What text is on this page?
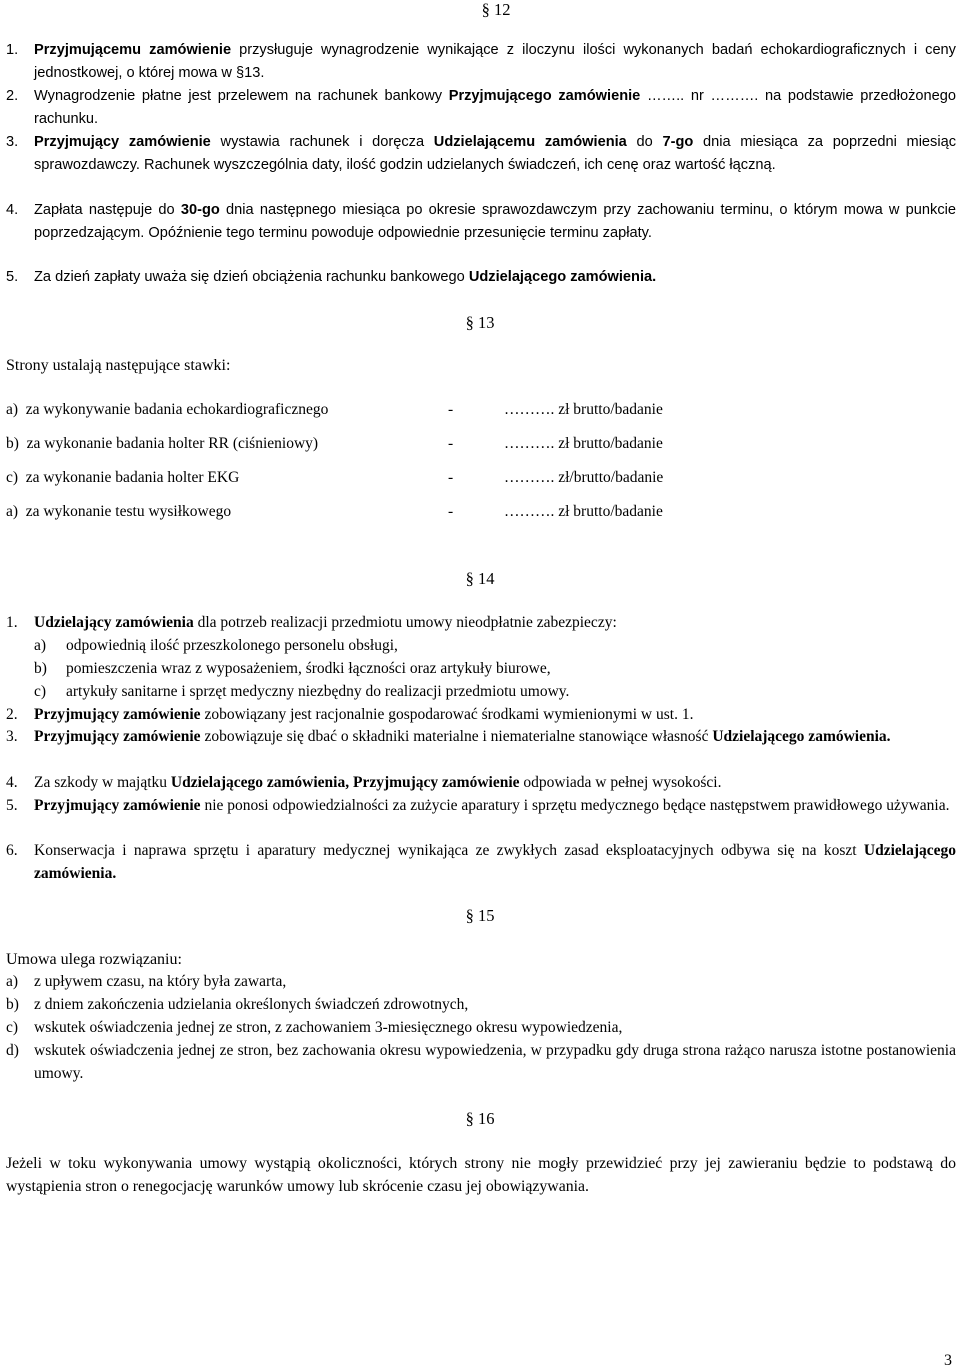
§ 12
1.	Przyjmującemu zamówienie przysługuje wynagrodzenie wynikające z iloczynu ilości wykonanych badań echokardiograficznych i ceny jednostkowej, o której mowa w §13.
2.	Wynagrodzenie płatne jest przelewem na rachunek bankowy Przyjmującego zamówienie …….. nr ………. na podstawie przedłożonego rachunku.
3.	Przyjmujący zamówienie wystawia rachunek i doręcza Udzielającemu zamówienia do 7-go dnia miesiąca za poprzedni miesiąc sprawozdawczy. Rachunek wyszczególnia daty, ilość godzin udzielanych świadczeń, ich cenę oraz wartość łączną.
4.	Zapłata następuje do 30-go dnia następnego miesiąca po okresie sprawozdawczym przy zachowaniu terminu, o którym mowa w punkcie poprzedzającym. Opóźnienie tego terminu powoduje odpowiednie przesunięcie terminu zapłaty.
5.	Za dzień zapłaty uważa się dzień obciążenia rachunku bankowego Udzielającego zamówienia.
§ 13
Strony ustalają następujące stawki:
a)  za wykonywanie badania echokardiograficznego	-	………. zł brutto/badanie
b)  za wykonanie badania holter RR (ciśnieniowy)	-	………. zł brutto/badanie
c)  za wykonanie badania holter EKG	-	………. zł/brutto/badanie
a)  za wykonanie testu wysiłkowego	-	………. zł brutto/badanie
§ 14
1.	Udzielający zamówienia dla potrzeb realizacji przedmiotu umowy nieodpłatnie zabezpieczy:
a)	odpowiednią ilość przeszkolonego personelu obsługi,
b)	pomieszczenia wraz z wyposażeniem, środki łączności oraz artykuły biurowe,
c)	artykuły sanitarne i sprzęt medyczny niezbędny do realizacji przedmiotu umowy.
2.	Przyjmujący zamówienie zobowiązany jest racjonalnie gospodarować środkami wymienionymi w ust. 1.
3.	Przyjmujący zamówienie zobowiązuje się dbać o składniki materialne i niematerialne stanowiące własność Udzielającego zamówienia.
4.	Za szkody w majątku Udzielającego zamówienia, Przyjmujący zamówienie odpowiada w pełnej wysokości.
5.	Przyjmujący zamówienie nie ponosi odpowiedzialności za zużycie aparatury i sprzętu medycznego będące następstwem prawidłowego używania.
6.	Konserwacja i naprawa sprzętu i aparatury medycznej wynikająca ze zwykłych zasad eksploatacyjnych odbywa się na koszt Udzielającego zamówienia.
§ 15
Umowa ulega rozwiązaniu:
a)	z upływem czasu, na który była zawarta,
b) z dniem zakończenia udzielania określonych świadczeń zdrowotnych,
c)	wskutek oświadczenia jednej ze stron, z zachowaniem 3-miesięcznego okresu wypowiedzenia,
d) wskutek oświadczenia jednej ze stron, bez zachowania okresu wypowiedzenia, w przypadku gdy druga strona rażąco narusza istotne postanowienia umowy.
§ 16
Jeżeli w toku wykonywania umowy wystąpią okoliczności, których strony nie mogły przewidzieć przy jej zawieraniu będzie to podstawą do wystąpienia stron o renegocjację warunków umowy lub skrócenie czasu jej obowiązywania.
3
